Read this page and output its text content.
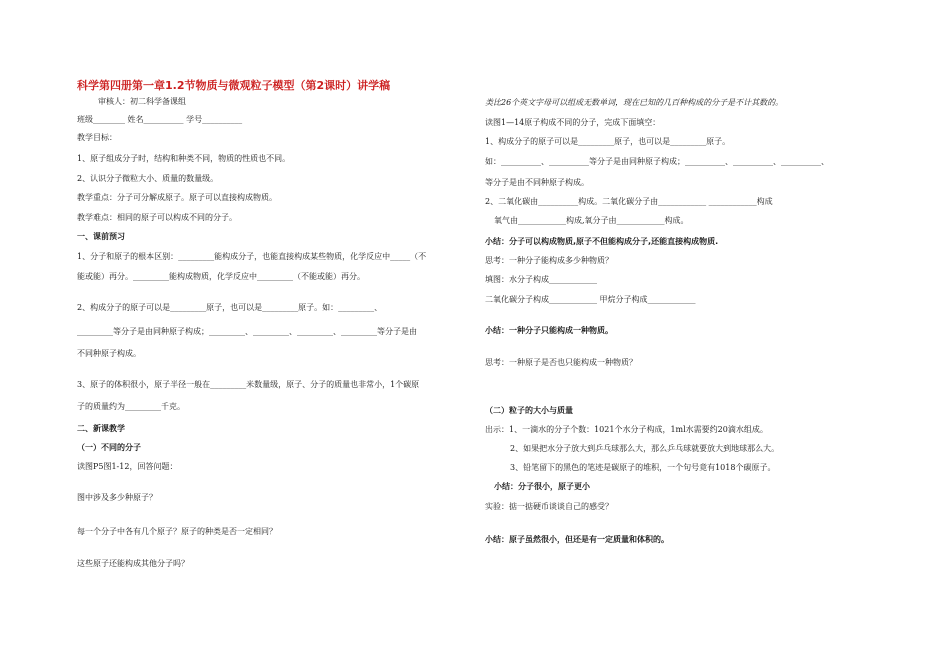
科学第四册第一章1.2节物质与微观粒子模型（第2课时）讲学稿
审核人：初二科学备课组
班级________ 姓名__________ 学号__________
教学目标：
1、原子组成分子时，结构和种类不同，物质的性质也不同。
2、认识分子微粒大小、质量的数量级。
教学重点：分子可分解成原子。原子可以直接构成物质。
教学难点：相同的原子可以构成不同的分子。
一、课前预习
1、分子和原子的根本区别：_________能构成分子，也能直接构成某些物质，化学反应中_____（不
能或能）再分。_________能构成物质，化学反应中_________（不能或能）再分。
2、构成分子的原子可以是_________原子，也可以是_________原子。如：_________、
_________等分子是由同种原子构成；_________、_________、_________、_________等分子是由
不同种原子构成。
3、原子的体积很小，原子半径一般在_________米数量级，原子、分子的质量也非常小，1个碳原
子的质量约为_________千克。
二、新课教学
（一）不同的分子
读图P5图1-12，回答问题：
图中涉及多少种原子？
每一个分子中各有几个原子？原子的种类是否一定相同？
这些原子还能构成其他分子吗？
类比26个英文字母可以组成无数单词，现在已知的几百种构成的分子是不计其数的。
读图1—14原子构成不同的分子，完成下面填空：
1、构成分子的原子可以是_________原子，也可以是_________原子。
如：__________、__________等分子是由同种原子构成；__________、__________、__________、
等分子是由不同种原子构成。
2、二氧化碳由__________构成。二氧化碳分子由____________ ____________构成
氧气由____________构成,氧分子由____________构成。
小结：分子可以构成物质,原子不但能构成分子,还能直接构成物质.
思考：一种分子能构成多少种物质？
填图：水分子构成____________
二氧化碳分子构成____________ 甲烷分子构成____________
小结：一种分子只能构成一种物质。
思考：一种原子是否也只能构成一种物质？
（二）粒子的大小与质量
出示：1、一滴水的分子个数：1021个水分子构成，1ml水需要约20滴水组成。
2、如果把水分子放大到乒乓球那么大，那么乒乓球就要放大到地球那么大。
3、铅笔留下的黑色的笔迹是碳原子的堆积，一个句号竟有1018个碳原子。
小结：分子很小，原子更小
实验：掂一掂硬币谈谈自己的感受？
小结：原子虽然很小，但还是有一定质量和体积的。
